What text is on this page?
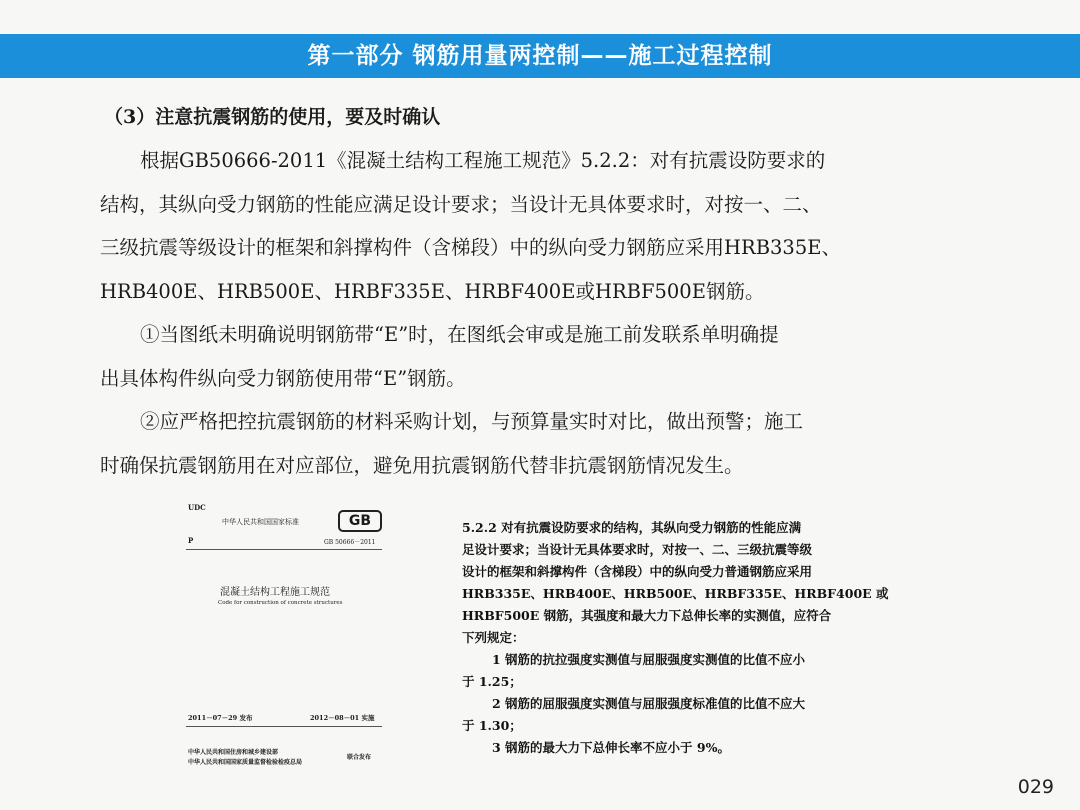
第一部分 钢筋用量两控制——施工过程控制
（3）注意抗震钢筋的使用，要及时确认

根据GB50666-2011《混凝土结构工程施工规范》5.2.2：对有抗震设防要求的
结构，其纵向受力钢筋的性能应满足设计要求；当设计无具体要求时，对按一、二、
三级抗震等级设计的框架和斜撑构件（含梯段）中的纵向受力钢筋应采用HRB335E、
HRB400E、HRB500E、HRBF335E、HRBF400E或HRBF500E钢筋。

①当图纸未明确说明钢筋带“E”时，在图纸会审或是施工前发联系单明确提
出具体构件纵向受力钢筋使用带“E”钢筋。

②应严格把控抗震钢筋的材料采购计划，与预算量实时对比，做出预警；施工
时确保抗震钢筋用在对应部位，避免用抗震钢筋代替非抗震钢筋情况发生。

UDC
中华人民共和国国家标准	GB
P	GB 50666－2011
混凝土结构工程施工规范
Code for construction of concrete structures
2011－07－29 发布	2012－08－01 实施
中华人民共和国住房和城乡建设部
中华人民共和国国家质量监督检验检疫总局
联合发布
5.2.2 对有抗震设防要求的结构，其纵向受力钢筋的性能应满
足设计要求；当设计无具体要求时，对按一、二、三级抗震等级
设计的框架和斜撑构件（含梯段）中的纵向受力普通钢筋应采用
HRB335E、HRB400E、HRB500E、HRBF335E、HRBF400E 或
HRBF500E 钢筋，其强度和最大力下总伸长率的实测值，应符合
下列规定：
1 钢筋的抗拉强度实测值与屈服强度实测值的比值不应小
于 1.25；
2 钢筋的屈服强度实测值与屈服强度标准值的比值不应大
于 1.30；
3 钢筋的最大力下总伸长率不应小于 9%。
029
